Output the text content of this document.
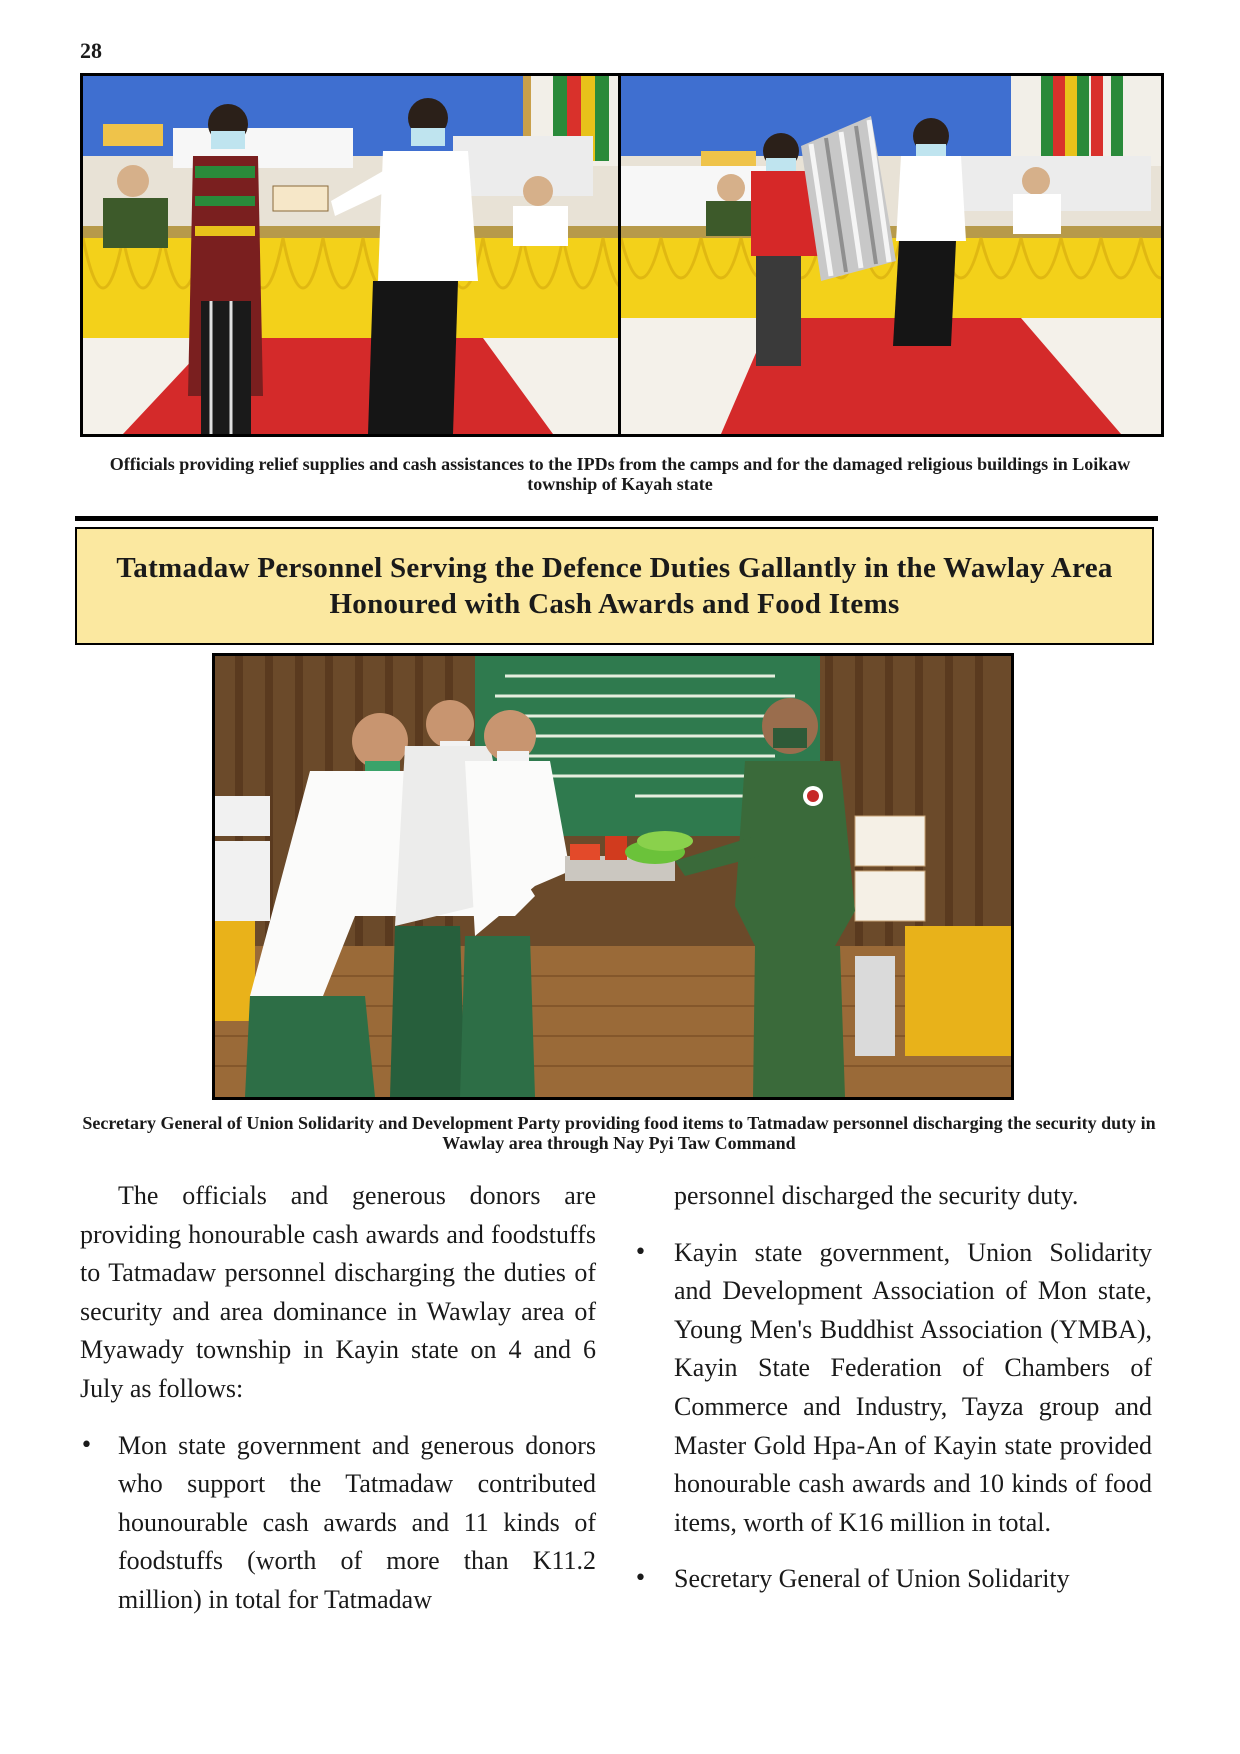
28
Officials providing relief supplies and cash assistances to the IPDs from the camps and for the damaged religious buildings in Loikaw township of Kayah state
Tatmadaw Personnel Serving the Defence Duties Gallantly in the Wawlay Area Honoured with Cash Awards and Food Items
Secretary General of Union Solidarity and Development Party providing food items to Tatmadaw personnel discharging the security duty in Wawlay area through Nay Pyi Taw Command

The officials and generous donors are providing honourable cash awards and foodstuffs to Tatmadaw personnel discharging the duties of security and area dominance in Wawlay area of Myawady township in Kayin state on 4 and 6 July as follows:

• Mon state government and generous donors who support the Tatmadaw contributed hounourable cash awards and 11 kinds of foodstuffs (worth of more than K11.2 million) in total for Tatmadaw

personnel discharged the security duty.

• Kayin state government, Union Solidarity and Development Association of Mon state, Young Men's Buddhist Association (YMBA), Kayin State Federation of Chambers of Commerce and Industry, Tayza group and Master Gold Hpa-An of Kayin state provided honourable cash awards and 10 kinds of food items, worth of K16 million in total.
• Secretary General of Union Solidarity
